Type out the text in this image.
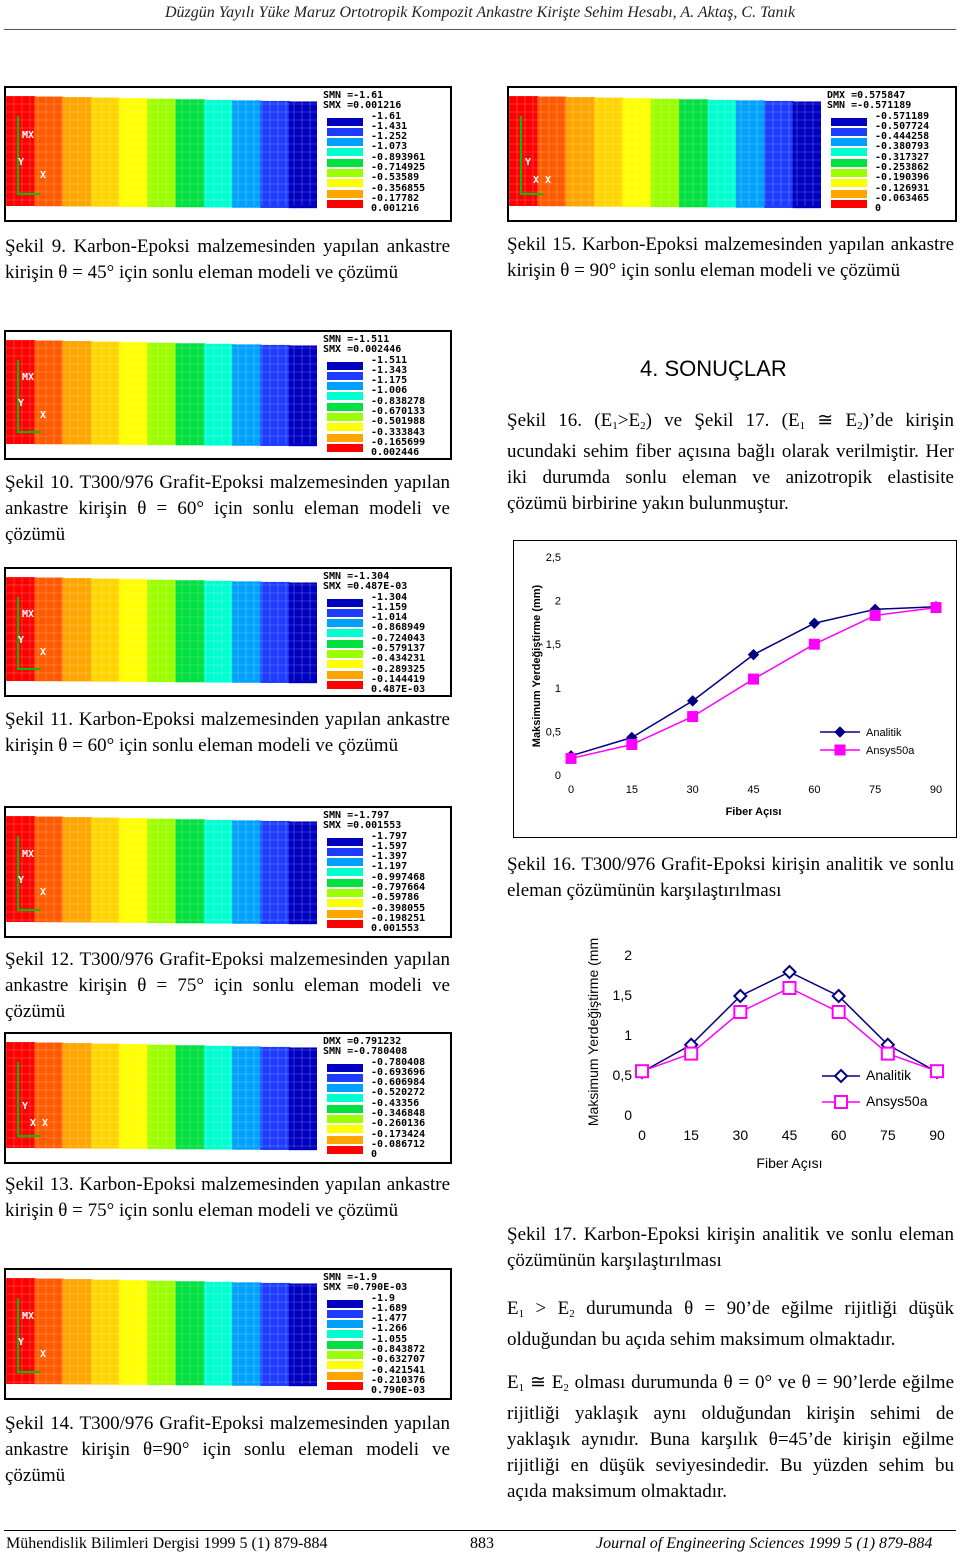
Düzgün Yayılı Yüke Maruz Ortotropik Kompozit Ankastre Kirişte Sehim Hesabı, A. Aktaş, C. Tanık
MX
Y
X
SMN =-1.61
SMX =0.001216
-1.61
-1.431
-1.252
-1.073
-0.893961
-0.714925
-0.53589
-0.356855
-0.17782
0.001216
Şekil 9. Karbon-Epoksi malzemesinden yapılan ankastre kirişin θ = 45° için sonlu eleman modeli ve çözümü
MX
Y
X
SMN =-1.511
SMX =0.002446
-1.511
-1.343
-1.175
-1.006
-0.838278
-0.670133
-0.501988
-0.333843
-0.165699
0.002446
Şekil 10. T300/976 Grafit-Epoksi malzemesinden yapılan ankastre kirişin θ = 60° için sonlu eleman modeli ve çözümü
MX
Y
X
SMN =-1.304
SMX =0.487E-03
-1.304
-1.159
-1.014
-0.868949
-0.724043
-0.579137
-0.434231
-0.289325
-0.144419
0.487E-03
Şekil 11. Karbon-Epoksi malzemesinden yapılan ankastre kirişin θ = 60° için sonlu eleman modeli ve çözümü
MX
Y
X
SMN =-1.797
SMX =0.001553
-1.797
-1.597
-1.397
-1.197
-0.997468
-0.797664
-0.59786
-0.398055
-0.198251
0.001553
Şekil 12. T300/976 Grafit-Epoksi malzemesinden yapılan ankastre kirişin θ = 75° için sonlu eleman modeli ve çözümü
Y
X X
DMX =0.791232
SMN =-0.780408
-0.780408
-0.693696
-0.606984
-0.520272
-0.43356
-0.346848
-0.260136
-0.173424
-0.086712
0
Şekil 13. Karbon-Epoksi malzemesinden yapılan ankastre kirişin θ = 75° için sonlu eleman modeli ve çözümü
MX
Y
X
SMN =-1.9
SMX =0.790E-03
-1.9
-1.689
-1.477
-1.266
-1.055
-0.843872
-0.632707
-0.421541
-0.210376
0.790E-03
Şekil 14. T300/976 Grafit-Epoksi malzemesinden yapılan ankastre kirişin θ=90° için sonlu eleman modeli ve çözümü
Y
X X
DMX =0.575847
SMN =-0.571189
-0.571189
-0.507724
-0.444258
-0.380793
-0.317327
-0.253862
-0.190396
-0.126931
-0.063465
0
Şekil 15. Karbon-Epoksi malzemesinden yapılan ankastre kirişin θ = 90° için sonlu eleman modeli ve çözümü
4. SONUÇLAR
Şekil 16. $(E_1>E_2)$ ve Şekil 17. ($E_1$ ≅ $E_2)’de$ kirişin ucundaki sehim fiber açısına bağlı olarak verilmiştir. Her iki durumda sonlu eleman ve anizotropik elastisite çözümü birbirine yakın bulunmuştur.
0
0,5
1
1,5
2
2,5
0	15	30	45	60	75	90
Fiber Açısı
Maksimum Yerdeğiştirme (mm)	Analitik
Ansys50a
Şekil 16. T300/976 Grafit-Epoksi kirişin analitik ve sonlu eleman çözümünün karşılaştırılması
0
0,5
1
1,5
2
0	15 30 45 60 75 90
Fiber Açısı
Maksimum Yerdeğiştirme (mm	Analitik
Ansys50a
Şekil 17. Karbon-Epoksi kirişin analitik ve sonlu eleman çözümünün karşılaştırılması
$E_1 > E_2$ durumunda θ = 90’de eğilme rijitliği düşük olduğundan bu açıda sehim maksimum olmaktadır.
$E_1$ ≅ $E_2$ olması durumunda θ = 0° ve θ = 90’lerde eğilme rijitliği yaklaşık aynı olduğundan kirişin sehimi de yaklaşık aynıdır. Buna karşılık θ=45’de kirişin eğilme rijitliği en düşük seviyesindedir. Bu yüzden sehim bu açıda maksimum olmaktadır.
Mühendislik Bilimleri Dergisi 1999 5 (1) 879-884	883	Journal of Engineering Sciences 1999 5 (1) 879-884
